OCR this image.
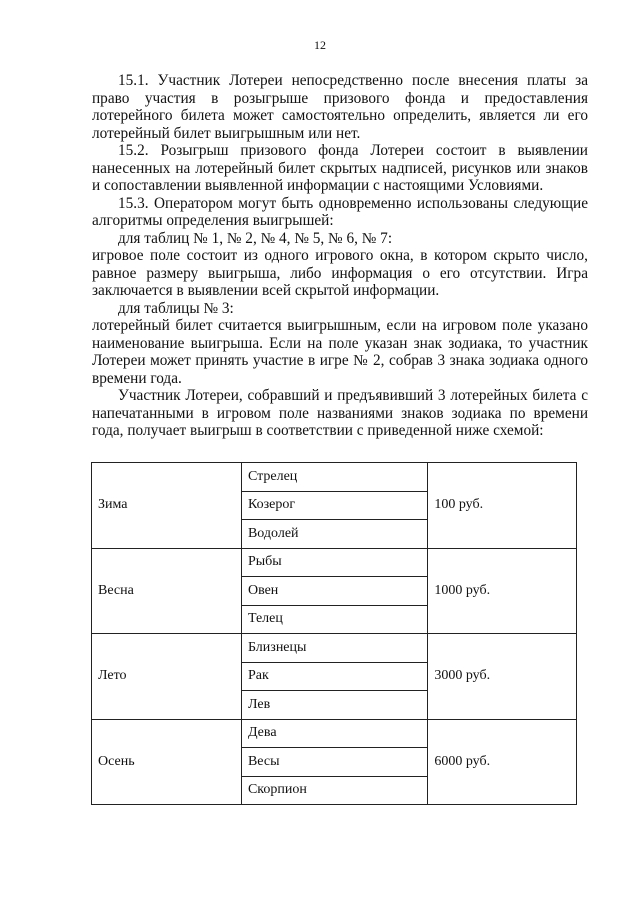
12

15.1. Участник Лотереи непосредственно после внесения платы за право участия в розыгрыше призового фонда и предоставления лотерейного билета может самостоятельно определить, является ли его лотерейный билет выигрышным или нет.

15.2. Розыгрыш призового фонда Лотереи состоит в выявлении нанесенных на лотерейный билет скрытых надписей, рисунков или знаков и сопоставлении выявленной информации с настоящими Условиями.

15.3. Оператором могут быть одновременно использованы следующие алгоритмы определения выигрышей:

для таблиц № 1, № 2, № 4, № 5, № 6, № 7:

игровое поле состоит из одного игрового окна, в котором скрыто число, равное размеру выигрыша, либо информация о его отсутствии. Игра заключается в выявлении всей скрытой информации.

для таблицы № 3:

лотерейный билет считается выигрышным, если на игровом поле указано наименование выигрыша. Если на поле указан знак зодиака, то участник Лотереи может принять участие в игре № 2, собрав 3 знака зодиака одного времени года.

Участник Лотереи, собравший и предъявивший 3 лотерейных билета с напечатанными в игровом поле названиями знаков зодиака по времени года, получает выигрыш в соответствии с приведенной ниже схемой:

Зима	Стрелец	100 руб.
	Козерог	
	Водолей	
Весна	Рыбы	1000 руб.
	Овен	
	Телец	
Лето	Близнецы	3000 руб.
	Рак	
	Лев	
Осень	Дева	6000 руб.
	Весы	
	Скорпион	
